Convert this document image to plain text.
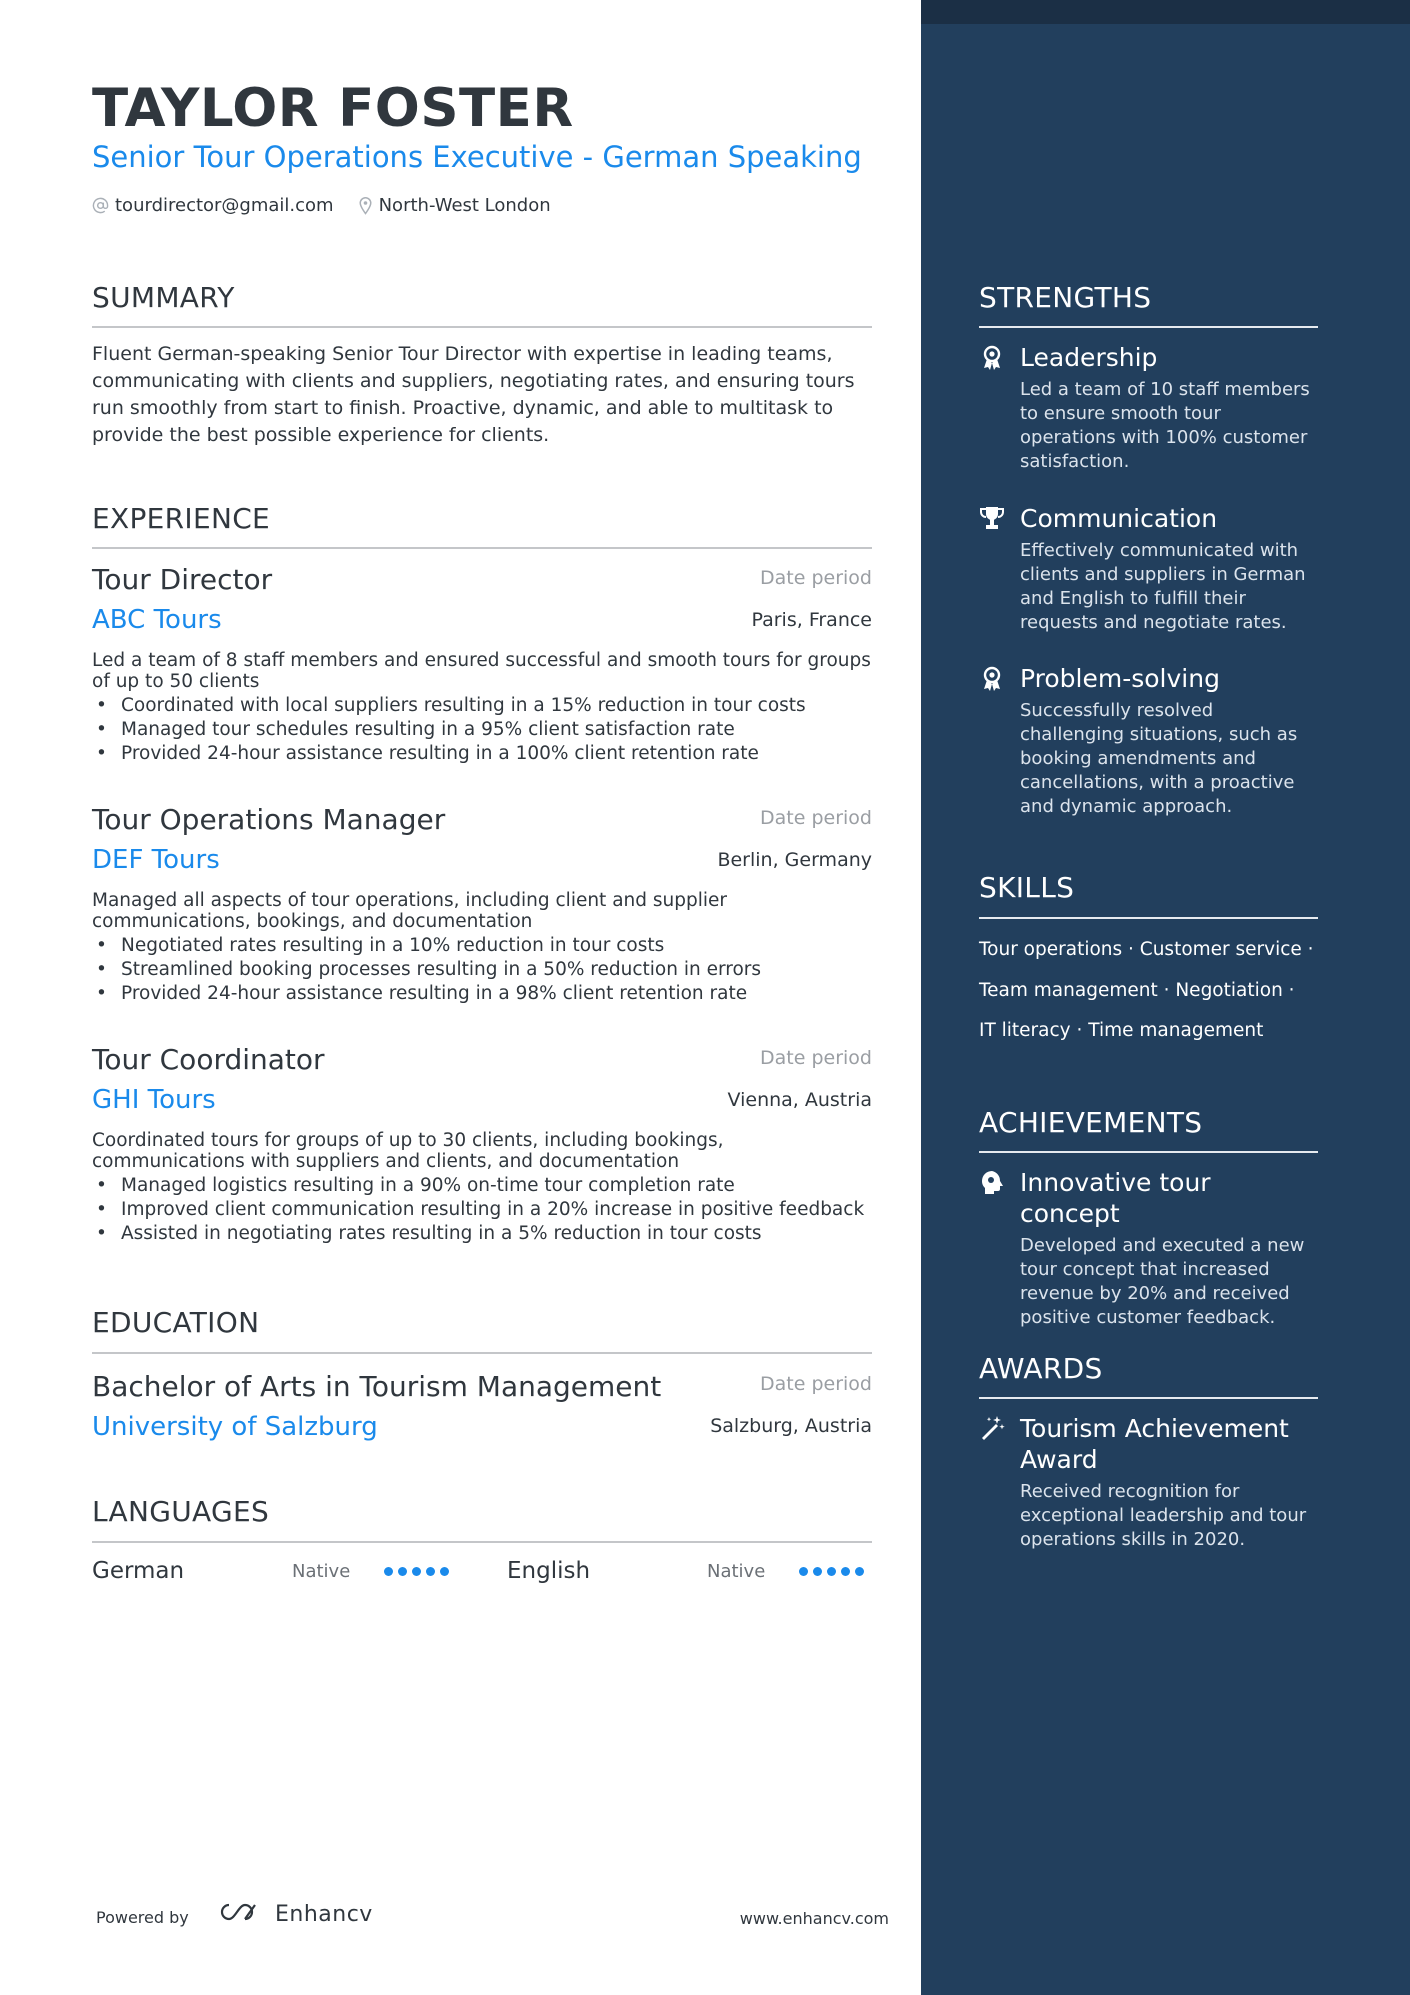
TAYLOR FOSTER
Senior Tour Operations Executive - German Speaking
tourdirector@gmail.com	North-West London
SUMMARY
Fluent German-speaking Senior Tour Director with expertise in leading teams, communicating with clients and suppliers, negotiating rates, and ensuring tours run smoothly from start to finish. Proactive, dynamic, and able to multitask to provide the best possible experience for clients.
EXPERIENCE
Tour Director	Date period
ABC Tours	Paris, France
Led a team of 8 staff members and ensured successful and smooth tours for groups of up to 50 clients
• Coordinated with local suppliers resulting in a 15% reduction in tour costs
• Managed tour schedules resulting in a 95% client satisfaction rate
• Provided 24-hour assistance resulting in a 100% client retention rate
Tour Operations Manager	Date period
DEF Tours	Berlin, Germany
Managed all aspects of tour operations, including client and supplier communications, bookings, and documentation
• Negotiated rates resulting in a 10% reduction in tour costs
• Streamlined booking processes resulting in a 50% reduction in errors
• Provided 24-hour assistance resulting in a 98% client retention rate
Tour Coordinator	Date period
GHI Tours	Vienna, Austria
Coordinated tours for groups of up to 30 clients, including bookings, communications with suppliers and clients, and documentation
• Managed logistics resulting in a 90% on-time tour completion rate
• Improved client communication resulting in a 20% increase in positive feedback
• Assisted in negotiating rates resulting in a 5% reduction in tour costs
EDUCATION
Bachelor of Arts in Tourism Management	Date period
University of Salzburg	Salzburg, Austria
LANGUAGES
German	Native	English	Native
Powered by	Enhancv	www.enhancv.com
STRENGTHS
Leadership
Led a team of 10 staff members to ensure smooth tour operations with 100% customer satisfaction.
Communication
Effectively communicated with clients and suppliers in German and English to fulfill their requests and negotiate rates.
Problem-solving
Successfully resolved challenging situations, such as booking amendments and cancellations, with a proactive and dynamic approach.
SKILLS
Tour operations · Customer service ·
Team management · Negotiation ·
IT literacy · Time management
ACHIEVEMENTS
Innovative tour concept
Developed and executed a new tour concept that increased revenue by 20% and received positive customer feedback.
AWARDS
Tourism Achievement Award
Received recognition for exceptional leadership and tour operations skills in 2020.
